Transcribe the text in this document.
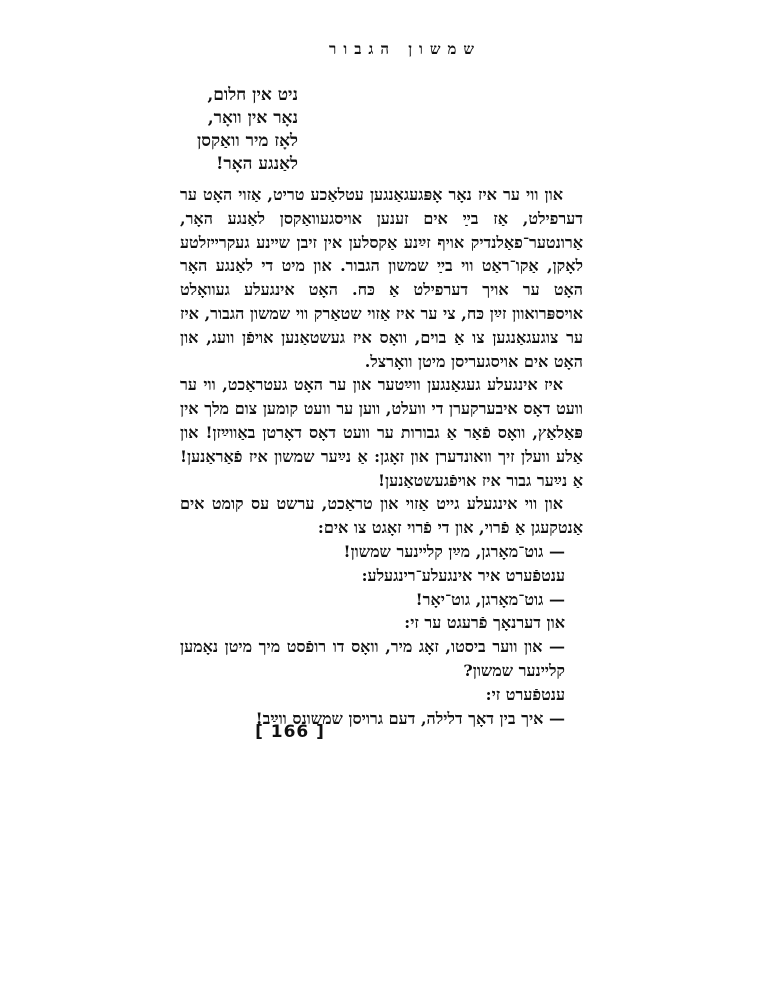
שמשון הגבור
ניט אין חלום,
נאָר אין וואָר,
לאָז מיר וואַקסן
לאַנגע האָר!

און ווי ער איז נאָר אָפּגעגאַנגען עטלאַכע טריט, אַזוי האָט ער דערפילט, אַז בײַ אים זענען אויסגעוואַקסן לאַנגע האָר, אַרונטער־פאַלנדיק אויף זײַנע אַקסלען אין זיבן שײנע געקרײזלטע לאָקן, אַקו־ראַט ווי בײַ שמשון הגבור. און מיט די לאַנגע האָר האָט ער אויך דערפילט אַ כּח. האָט אינגעלע געוואָלט אויספּרואוון זײַן כּח, צי ער איז אַזוי שטאַרק ווי שמשון הגבור, איז ער צוגעגאַנגען צו אַ בוים, וואָס איז געשטאַנען אויפֿן וועג, און האָט אים אויסגעריסן מיטן וואָרצל.

איז אינגעלע געגאַנגען ווײַטער און ער האָט געטראַכט, ווי ער וועט דאָס איבערקערן די וועלט, ווען ער וועט קומען צום מלך אין פּאַלאַץ, וואָס פֿאַר אַ גבורות ער וועט דאָס דאָרטן באַווײַזן! און אַלע וועלן זיך וואונדערן און זאָגן: אַ נײַער שמשון איז פֿאַראַנען! אַ נײַער גבור איז אויפֿגעשטאַנען!

און ווי אינגעלע גייט אַזוי און טראַכט, ערשט עס קומט אים אַנטקעגן אַ פֿרוי, און די פֿרוי זאָגט צו אים:

— גוט־מאָרגן, מײַן קלײנער שמשון!
ענטפֿערט איר אינגעלע־רינגעלע:
— גוט־מאָרגן, גוט־יאָר!
און דערנאָך פֿרעגט ער זי:
— און ווער ביסטו, זאָג מיר, וואָס דו רופֿסט מיך מיטן נאָמען קלײנער שמשון?
ענטפֿערט זי:
— איך בין דאָך דלילה, דעם גרויסן שמשונס ווײַב!
[ 166 ]
